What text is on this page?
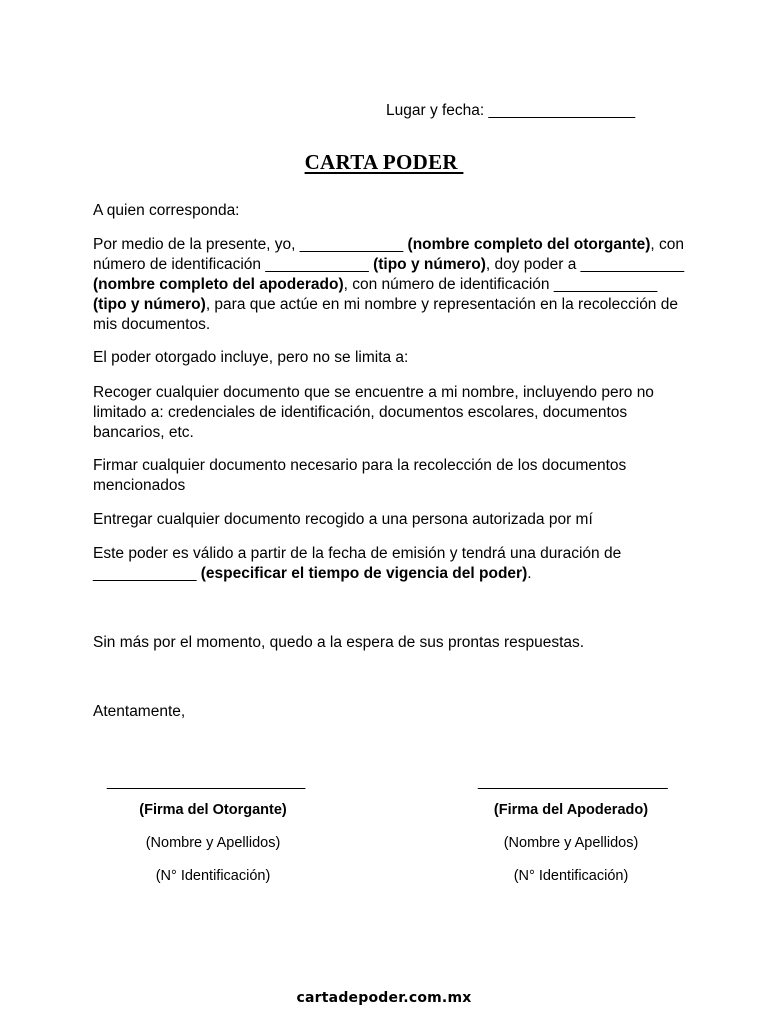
Lugar y fecha: _________________
CARTA PODER

A quien corresponda:

Por medio de la presente, yo, ____________ (nombre completo del otorgante), con número de identificación ____________ (tipo y número), doy poder a ____________ (nombre completo del apoderado), con número de identificación ____________ (tipo y número), para que actúe en mi nombre y representación en la recolección de mis documentos.

El poder otorgado incluye, pero no se limita a:

Recoger cualquier documento que se encuentre a mi nombre, incluyendo pero no limitado a: credenciales de identificación, documentos escolares, documentos bancarios, etc.

Firmar cualquier documento necesario para la recolección de los documentos mencionados

Entregar cualquier documento recogido a una persona autorizada por mí

Este poder es válido a partir de la fecha de emisión y tendrá una duración de ____________ (especificar el tiempo de vigencia del poder).

Sin más por el momento, quedo a la espera de sus prontas respuestas.

Atentamente,

_______________________	______________________
(Firma del Otorgante)
(Nombre y Apellidos)
(N° Identificación)
(Firma del Apoderado)
(Nombre y Apellidos)
(N° Identificación)
cartadepoder.com.mx
